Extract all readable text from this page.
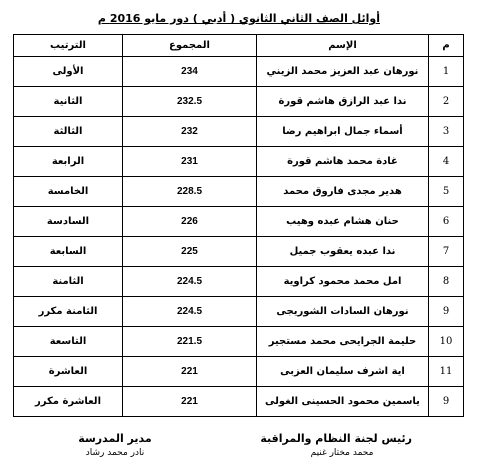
أوائل الصف الثاني الثانوي ( أدبي ) دور مايو 2016 م
م	الإسم	المجموع	الترتيب
1	نورهان عبد العزيز محمد الزيني	234	الأولى
2	ندا عبد الرازق هاشم قورة	232.5	الثانية
3	أسماء جمال ابراهيم رضا	232	الثالثة
4	غادة محمد هاشم قورة	231	الرابعة
5	هدير مجدى فاروق محمد	228.5	الخامسة
6	حنان هشام عبده وهيب	226	السادسة
7	ندا عبده يعقوب جميل	225	السابعة
8	امل محمد محمود كراوية	224.5	الثامنة
9	نورهان السادات الشوريجى	224.5	الثامنة مكرر
10	حليمة الجرايحى محمد مستجير	221.5	التاسعة
11	اية اشرف سليمان العزبى	221	العاشرة
9	ياسمين محمود الحسينى الغولى	221	العاشرة مكرر
مدير المدرسة
نادر محمد رشاد
رئيس لجنة النظام والمراقبة
محمد مختار غنيم
